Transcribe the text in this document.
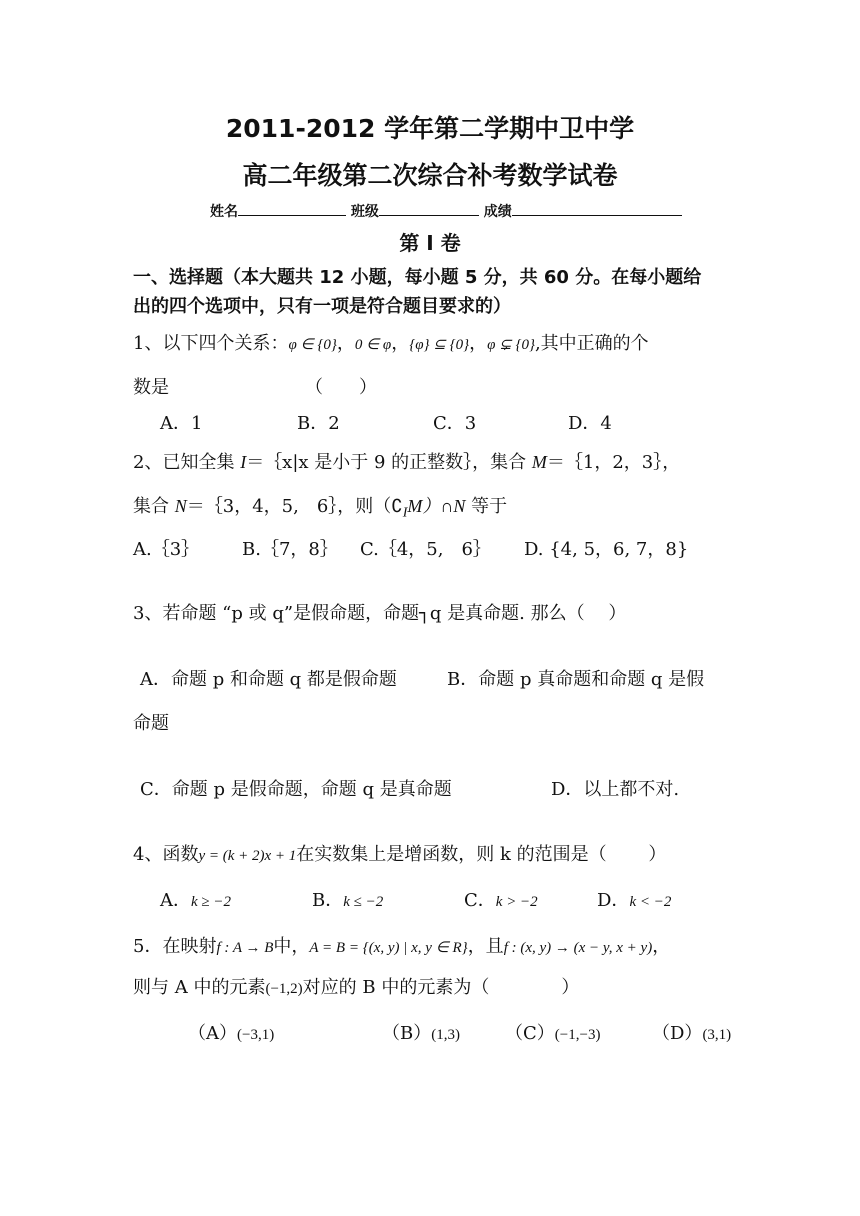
2011-2012 学年第二学期中卫中学
高二年级第二次综合补考数学试卷
姓名	班级	成绩
第 I 卷
一、选择题（本大题共 12 小题，每小题 5 分，共 60 分。在每小题给
出的四个选项中，只有一项是符合题目要求的）
1、以下四个关系：φ ∈ {0}，0 ∈ φ，{φ} ⊆ {0}，φ ⊊ {0},其中正确的个
数是	（　　）
A．1	B．2	C．3	D．4
2、已知全集 I＝｛x|x 是小于 9 的正整数｝，集合 M＝｛1，2，3｝，
集合 N＝｛3，4，5,　6｝，则$(∁_IM)\cap N$ 等于
A.｛3｝ B.｛7，8｝ C.｛4，5,　6｝ D. {4, 5，6, 7，8}
3、若命题 “p 或 q”是假命题，命题┐q 是真命题. 那么（　 ）
A．命题 p 和命题 q 都是假命题	B．命题 p 真命题和命题 q 是假
命题
C．命题 p 是假命题，命题 q 是真命题	D．以上都不对.
4、函数y = (k + 2)x + 1在实数集上是增函数，则 k 的范围是（　　 ）
A．k ≥ −2	B．k ≤ −2	C．k > −2	D．k < −2
5．在映射f : A → B中，A = B = {(x, y) | x, y ∈ R}，且f : (x, y) → (x − y, x + y)，
则与 A 中的元素(−1,2)对应的 B 中的元素为（　　　　）
（A）(−3,1)	（B）(1,3)	（C）(−1,−3)	（D）(3,1)
